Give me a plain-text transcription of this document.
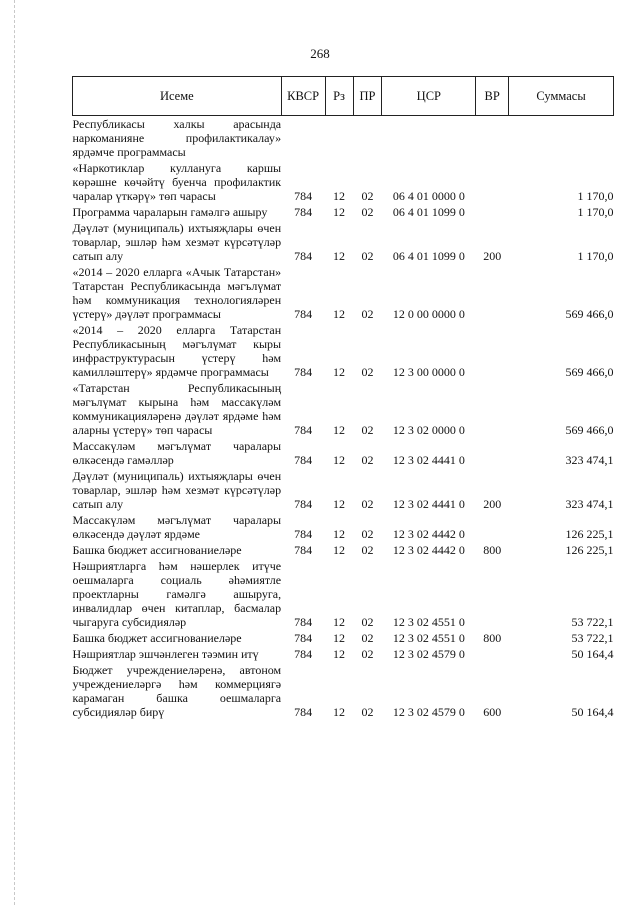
268
Исеме	КВСР	Рз	ПР	ЦСР	ВР	Суммасы
Республикасы халкы арасында наркоманияне профилактикалау» ярдәмче программасы						
«Наркотиклар кулланугa каршы көрәшне көчәйтү буенча профилактик чаралар үткәрү» төп чарасы	784	12	02	06 4 01 0000 0		1 170,0
Программа чараларын гамәлгә ашыру	784	12	02	06 4 01 1099 0		1 170,0
Дәүләт (муниципаль) ихтыяҗлары өчен товарлар, эшләр һәм хезмәт күрсәтүләр сатып алу	784	12	02	06 4 01 1099 0	200	1 170,0
«2014 – 2020 елларга «Ачык Татарстан» Татарстан Республикасында мәгълүмат һәм коммуникация технологияләрен үстерү» дәүләт программасы	784	12	02	12 0 00 0000 0		569 466,0
«2014 – 2020 елларга Татарстан Республикасының мәгълүмат кыры инфраструктурасын үстерү һәм камилләштерү» ярдәмче программасы	784	12	02	12 3 00 0000 0		569 466,0
«Татарстан Республикасының мәгълүмат кырына һәм массакүләм коммуникацияләренә дәүләт ярдәме һәм аларны үстерү» төп чарасы	784	12	02	12 3 02 0000 0		569 466,0
Массакүләм мәгълүмат чаралары өлкәсендә гамәлләр	784	12	02	12 3 02 4441 0		323 474,1
Дәүләт (муниципаль) ихтыяҗлары өчен товарлар, эшләр һәм хезмәт күрсәтүләр сатып алу	784	12	02	12 3 02 4441 0	200	323 474,1
Массакүләм мәгълүмат чаралары өлкәсендә дәүләт ярдәме	784	12	02	12 3 02 4442 0		126 225,1
Башка бюджет ассигнованиеләре	784	12	02	12 3 02 4442 0	800	126 225,1
Нәшриятларга һәм нәшерлек итүче оешмаларга социаль әһәмиятле проектларны гамәлгә ашыруга, инвалидлар өчен китаплар, басмалар чыгаруга субсидияләр	784	12	02	12 3 02 4551 0		53 722,1
Башка бюджет ассигнованиеләре	784	12	02	12 3 02 4551 0	800	53 722,1
Нәшриятлар эшчәнлеген тәэмин итү	784	12	02	12 3 02 4579 0		50 164,4
Бюджет учреждениеләренә, автоном учреждениеләргә һәм коммерциягә карамаган башка оешмаларга субсидияләр бирү	784	12	02	12 3 02 4579 0	600	50 164,4
